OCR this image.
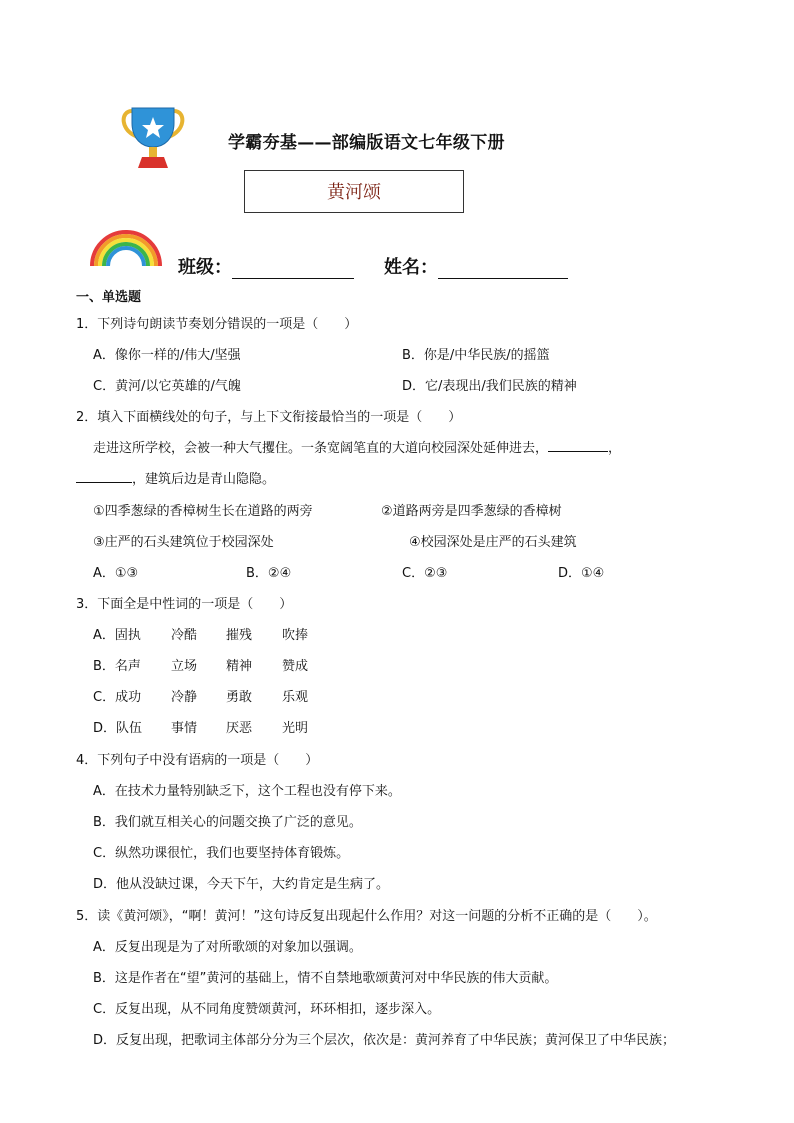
学霸夯基——部编版语文七年级下册
黄河颂
班级：	姓名：
一、单选题
1．下列诗句朗读节奏划分错误的一项是（　　）
A．像你一样的/伟大/坚强	B．你是/中华民族/的摇篮
C．黄河/以它英雄的/气魄	D．它/表现出/我们民族的精神
2．填入下面横线处的句子，与上下文衔接最恰当的一项是（　　）
走进这所学校，会被一种大气攫住。一条宽阔笔直的大道向校园深处延伸进去，	，
，建筑后边是青山隐隐。
①四季葱绿的香樟树生长在道路的两旁	②道路两旁是四季葱绿的香樟树
③庄严的石头建筑位于校园深处	④校园深处是庄严的石头建筑
A．①③	B．②④	C．②③	D．①④
3．下面全是中性词的一项是（　　）
A．固执 冷酷 摧残 吹捧
B．名声 立场 精神 赞成
C．成功 冷静 勇敢 乐观
D．队伍 事情 厌恶 光明
4．下列句子中没有语病的一项是（　　）
A．在技术力量特别缺乏下，这个工程也没有停下来。
B．我们就互相关心的问题交换了广泛的意见。
C．纵然功课很忙，我们也要坚持体育锻炼。
D．他从没缺过课，今天下午，大约肯定是生病了。
5．读《黄河颂》，“啊！黄河！”这句诗反复出现起什么作用？对这一问题的分析不正确的是（　　）。
A．反复出现是为了对所歌颂的对象加以强调。
B．这是作者在“望”黄河的基础上，情不自禁地歌颂黄河对中华民族的伟大贡献。
C．反复出现，从不同角度赞颂黄河，环环相扣，逐步深入。
D．反复出现，把歌词主体部分分为三个层次，依次是：黄河养育了中华民族；黄河保卫了中华民族；
